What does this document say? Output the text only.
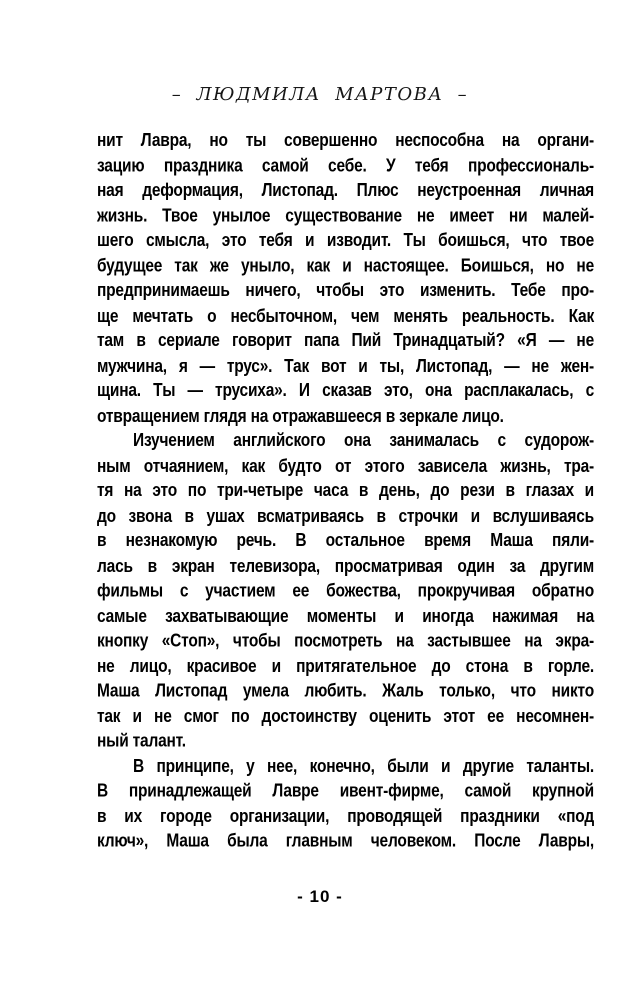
– ЛЮДМИЛА МАРТОВА –
нит Лавра, но ты совершенно неспособна на органи-
зацию праздника самой себе. У тебя профессиональ-
ная деформация, Листопад. Плюс неустроенная личная
жизнь. Твое унылое существование не имеет ни малей-
шего смысла, это тебя и изводит. Ты боишься, что твое
будущее так же уныло, как и настоящее. Боишься, но не
предпринимаешь ничего, чтобы это изменить. Тебе про-
ще мечтать о несбыточном, чем менять реальность. Как
там в сериале говорит папа Пий Тринадцатый? «Я — не
мужчина, я — трус». Так вот и ты, Листопад, — не жен-
щина. Ты — трусиха». И сказав это, она расплакалась, с
отвращением глядя на отражавшееся в зеркале лицо.
Изучением английского она занималась с судорож-
ным отчаянием, как будто от этого зависела жизнь, тра-
тя на это по три-четыре часа в день, до рези в глазах и
до звона в ушах всматриваясь в строчки и вслушиваясь
в незнакомую речь. В остальное время Маша пяли-
лась в экран телевизора, просматривая один за другим
фильмы с участием ее божества, прокручивая обратно
самые захватывающие моменты и иногда нажимая на
кнопку «Стоп», чтобы посмотреть на застывшее на экра-
не лицо, красивое и притягательное до стона в горле.
Маша Листопад умела любить. Жаль только, что никто
так и не смог по достоинству оценить этот ее несомнен-
ный талант.
В принципе, у нее, конечно, были и другие таланты.
В принадлежащей Лавре ивент-фирме, самой крупной
в их городе организации, проводящей праздники «под
ключ», Маша была главным человеком. После Лавры,
- 10 -
